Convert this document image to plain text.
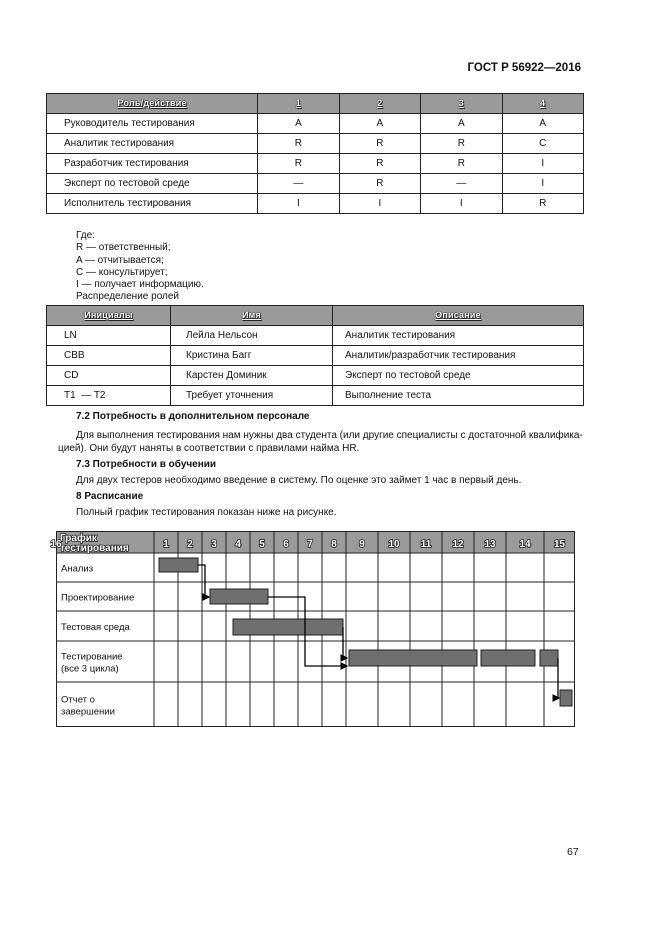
ГОСТ Р 56922—2016
Роль/действие	1	2	3	4
Руководитель тестирования	A	A	A	A
Аналитик тестирования	R	R	R	C
Разработчик тестирования	R	R	R	I
Эксперт по тестовой среде	—	R	—	I
Исполнитель тестирования	I	I	I	R
Где:
R — ответственный;
A — отчитывается;
C — консультирует;
I — получает информацию.
Распределение ролей
Инициалы	Имя	Описание
LN	Лейла Нельсон	Аналитик тестирования
CBB	Кристина Багг	Аналитик/разработчик тестирования
CD	Карстен Доминик	Эксперт по тестовой среде
T1  — T2	Требует уточнения	Выполнение теста
7.2 Потребность в дополнительном персонале
Для выполнения тестирования нам нужны два студента (или другие специалисты с достаточной квалифика-
цией). Они будут наняты в соответствии с правилами найма HR.
7.3 Потребности в обучении
Для двух тестеров необходимо введение в систему. По оценке это займет 1 час в первый день.
8 Расписание
Полный график тестирования показан ниже на рисунке.
График
тестирования	1 2 3 4 5 6 7 8 9 10 11 12 13 14 15
16
Анализ
Проектирование
Тестовая среда
Тестирование
(все 3 цикла)
Отчет о
завершении
67
